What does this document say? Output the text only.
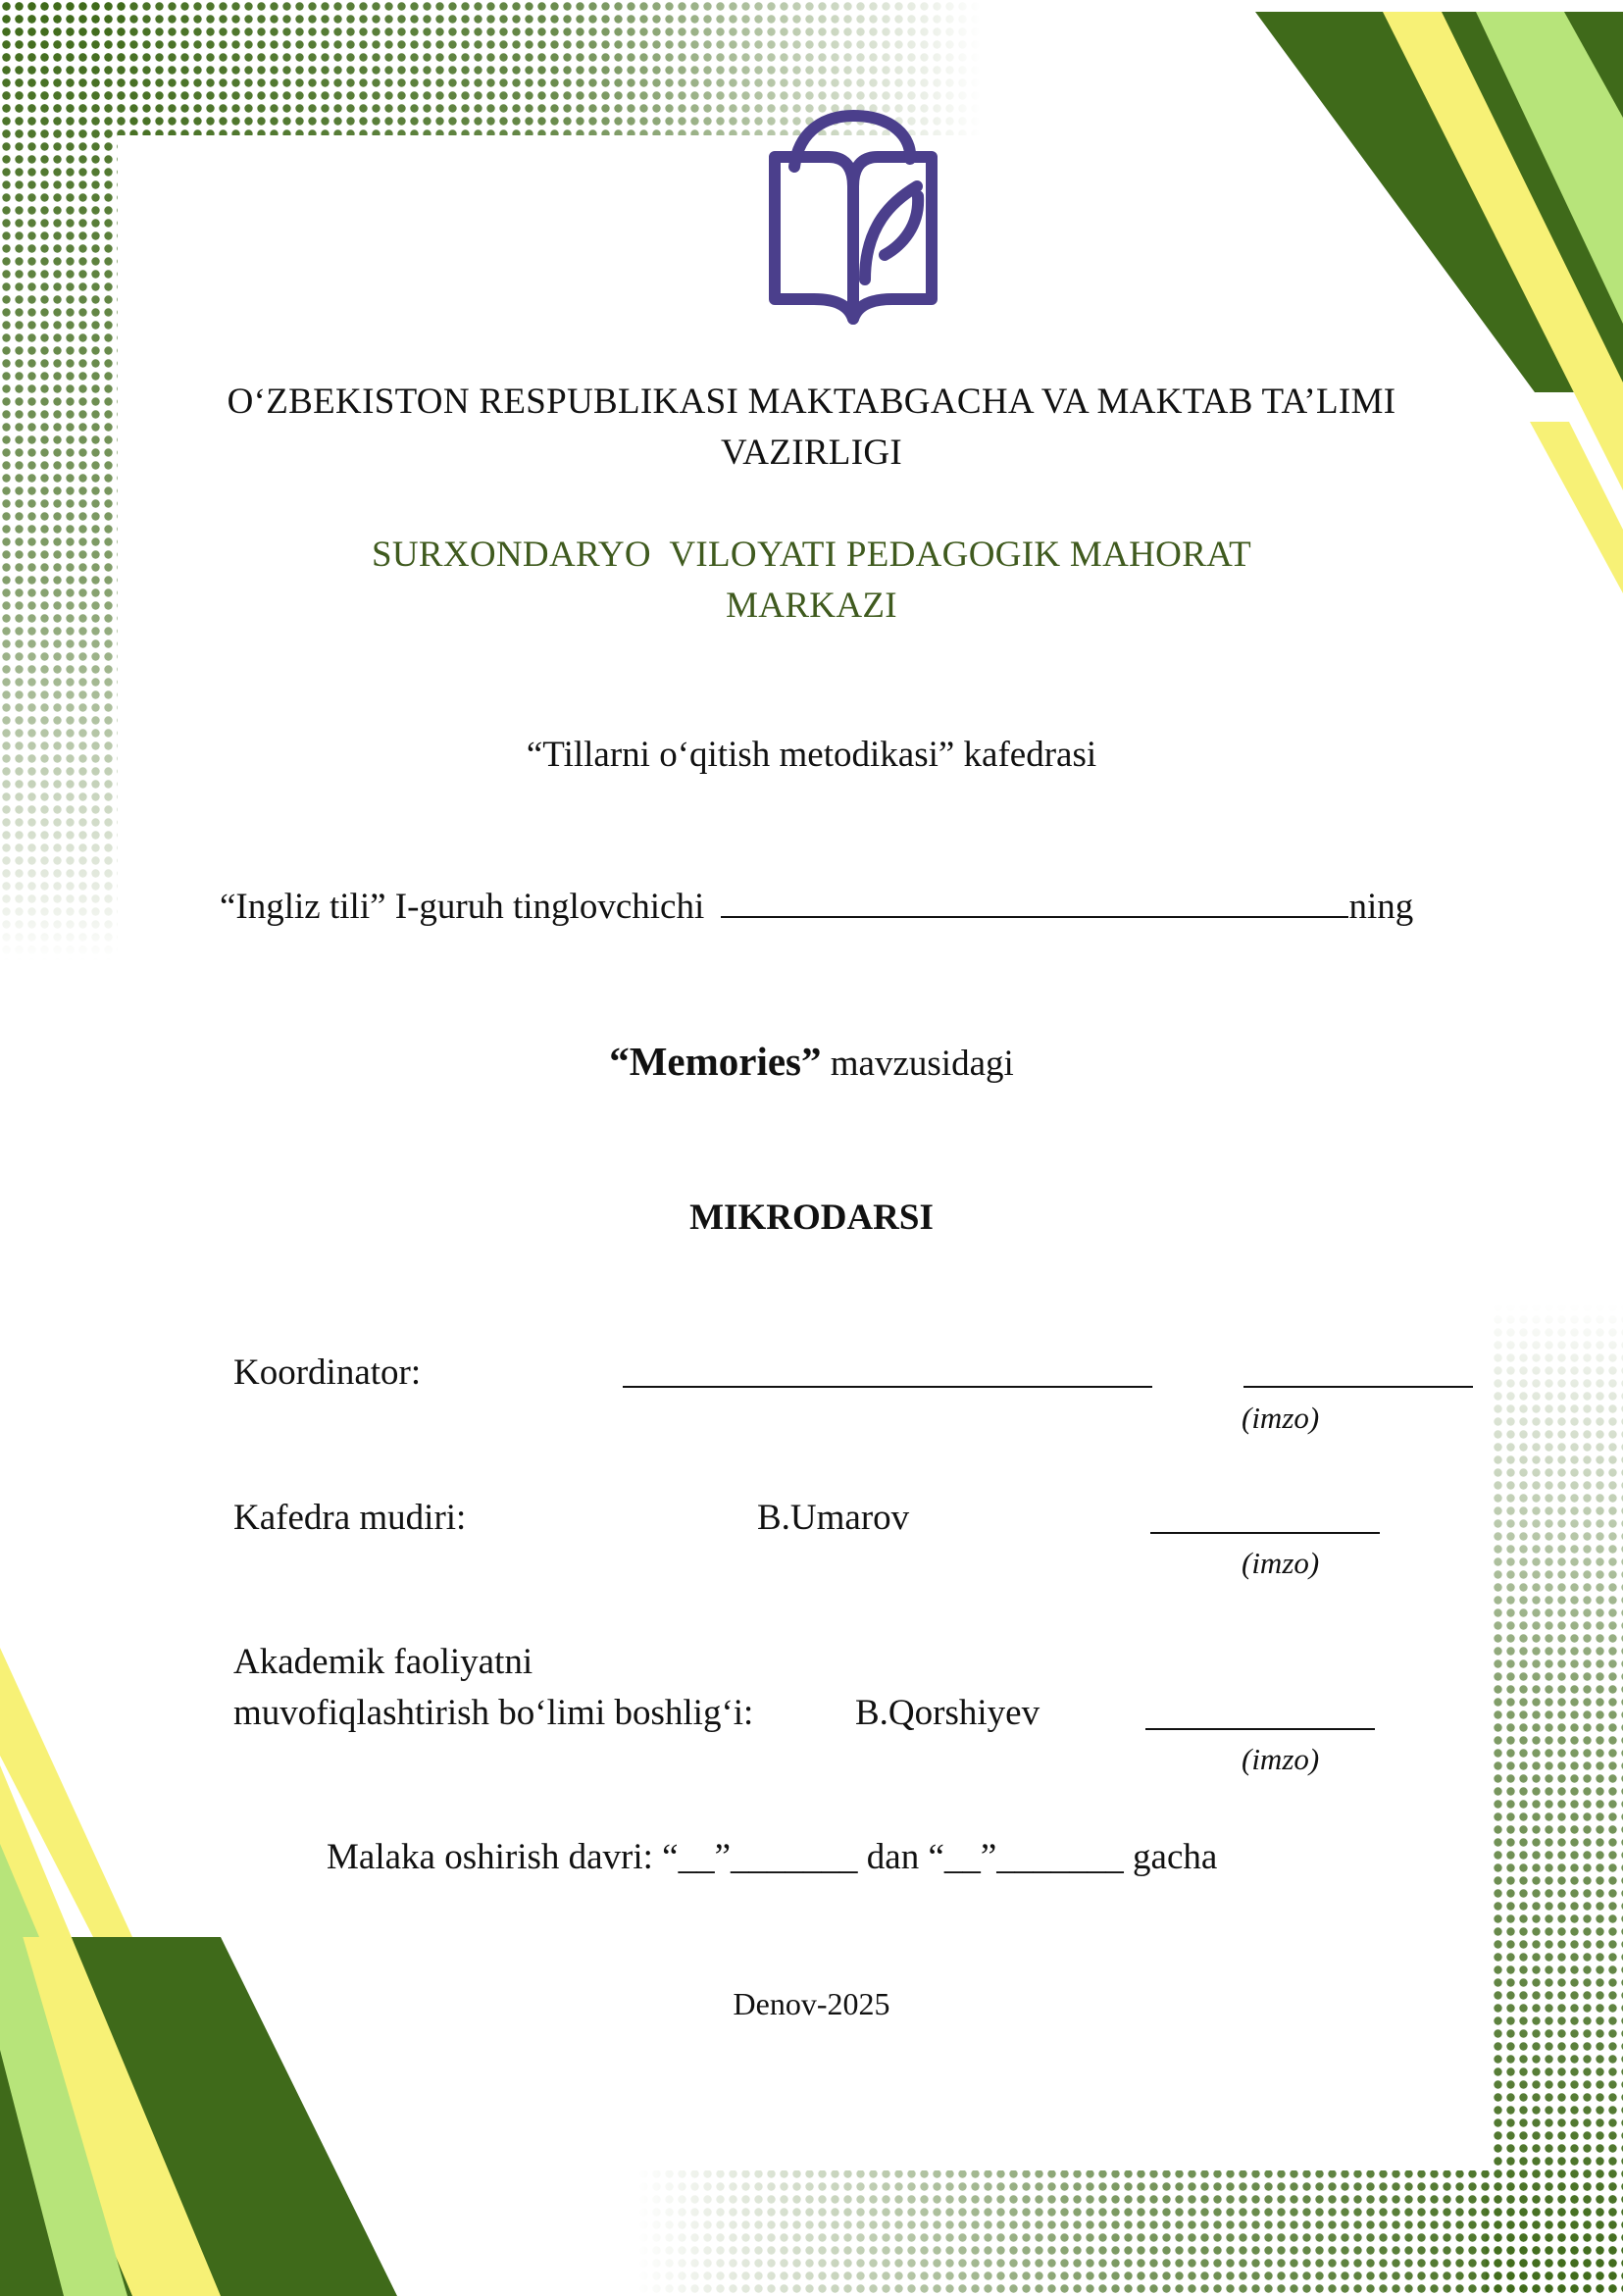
O‘ZBEKISTON RESPUBLIKASI MAKTABGACHA VA MAKTAB TA’LIMI
VAZIRLIGI
SURXONDARYO  VILOYATI PEDAGOGIK MAHORAT
MARKAZI
“Tillarni o‘qitish metodikasi” kafedrasi
“Ingliz tili” I-guruh tinglovchichi	ning
“Memories” mavzusidagi
MIKRODARSI
Koordinator:
(imzo)
Kafedra mudiri:	B.Umarov
(imzo)
Akademik faoliyatni
muvofiqlashtirish bo‘limi boshlig‘i:	B.Qorshiyev
(imzo)
Malaka oshirish davri: “__”_______ dan “__”_______ gacha
Denov-2025
